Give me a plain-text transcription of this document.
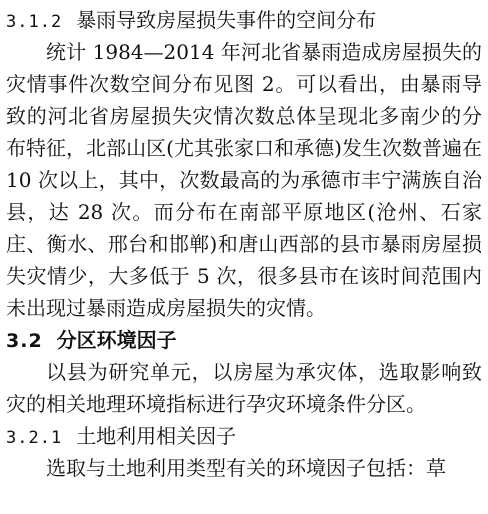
3.1.2 暴雨导致房屋损失事件的空间分布
统计 1984—2014 年河北省暴雨造成房屋损失的灾情事件次数空间分布见图 2。可以看出，由暴雨导致的河北省房屋损失灾情次数总体呈现北多南少的分布特征，北部山区(尤其张家口和承德)发生次数普遍在 10 次以上，其中，次数最高的为承德市丰宁满族自治县，达 28 次。而分布在南部平原地区(沧州、石家庄、衡水、邢台和邯郸)和唐山西部的县市暴雨房屋损失灾情少，大多低于 5 次，很多县市在该时间范围内未出现过暴雨造成房屋损失的灾情。
3.2 分区环境因子
以县为研究单元，以房屋为承灾体，选取影响致灾的相关地理环境指标进行孕灾环境条件分区。
3.2.1 土地利用相关因子
选取与土地利用类型有关的环境因子包括：草
